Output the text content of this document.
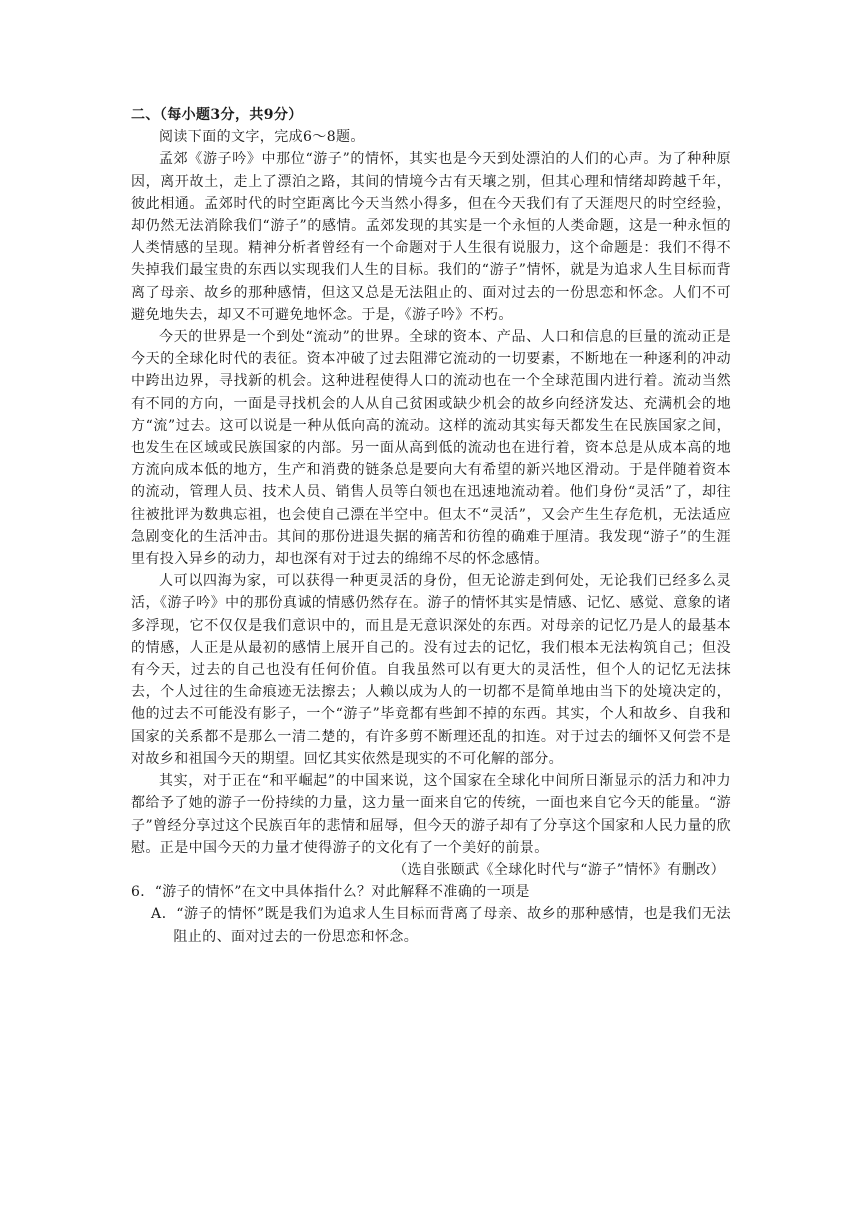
二、（每小题3分，共9分）

阅读下面的文字，完成6～8题。

孟郊《游子吟》中那位“游子”的情怀，其实也是今天到处漂泊的人们的心声。为了种种原因，离开故土，走上了漂泊之路，其间的情境今古有天壤之别，但其心理和情绪却跨越千年，彼此相通。孟郊时代的时空距离比今天当然小得多，但在今天我们有了天涯咫尺的时空经验，却仍然无法消除我们“游子”的感情。孟郊发现的其实是一个永恒的人类命题，这是一种永恒的人类情感的呈现。精神分析者曾经有一个命题对于人生很有说服力，这个命题是：我们不得不失掉我们最宝贵的东西以实现我们人生的目标。我们的“游子”情怀，就是为追求人生目标而背离了母亲、故乡的那种感情，但这又总是无法阻止的、面对过去的一份思恋和怀念。人们不可避免地失去，却又不可避免地怀念。于是，《游子吟》不朽。

今天的世界是一个到处“流动”的世界。全球的资本、产品、人口和信息的巨量的流动正是今天的全球化时代的表征。资本冲破了过去阻滞它流动的一切要素，不断地在一种逐利的冲动中跨出边界，寻找新的机会。这种进程使得人口的流动也在一个全球范围内进行着。流动当然有不同的方向，一面是寻找机会的人从自己贫困或缺少机会的故乡向经济发达、充满机会的地方“流”过去。这可以说是一种从低向高的流动。这样的流动其实每天都发生在民族国家之间，也发生在区域或民族国家的内部。另一面从高到低的流动也在进行着，资本总是从成本高的地方流向成本低的地方，生产和消费的链条总是要向大有希望的新兴地区滑动。于是伴随着资本的流动，管理人员、技术人员、销售人员等白领也在迅速地流动着。他们身份“灵活”了，却往往被批评为数典忘祖，也会使自己漂在半空中。但太不“灵活”，又会产生生存危机，无法适应急剧变化的生活冲击。其间的那份进退失据的痛苦和彷徨的确难于厘清。我发现“游子”的生涯里有投入异乡的动力，却也深有对于过去的绵绵不尽的怀念感情。

人可以四海为家，可以获得一种更灵活的身份，但无论游走到何处，无论我们已经多么灵活，《游子吟》中的那份真诚的情感仍然存在。游子的情怀其实是情感、记忆、感觉、意象的诸多浮现，它不仅仅是我们意识中的，而且是无意识深处的东西。对母亲的记忆乃是人的最基本的情感，人正是从最初的感情上展开自己的。没有过去的记忆，我们根本无法构筑自己；但没有今天，过去的自己也没有任何价值。自我虽然可以有更大的灵活性，但个人的记忆无法抹去，个人过往的生命痕迹无法擦去；人赖以成为人的一切都不是简单地由当下的处境决定的，他的过去不可能没有影子，一个“游子”毕竟都有些卸不掉的东西。其实，个人和故乡、自我和国家的关系都不是那么一清二楚的，有许多剪不断理还乱的扣连。对于过去的缅怀又何尝不是对故乡和祖国今天的期望。回忆其实依然是现实的不可化解的部分。

其实，对于正在“和平崛起”的中国来说，这个国家在全球化中间所日渐显示的活力和冲力都给予了她的游子一份持续的力量，这力量一面来自它的传统，一面也来自它今天的能量。“游子”曾经分享过这个民族百年的悲情和屈辱，但今天的游子却有了分享这个国家和人民力量的欣慰。正是中国今天的力量才使得游子的文化有了一个美好的前景。

（选自张颐武《全球化时代与“游子”情怀》有删改）

6．“游子的情怀”在文中具体指什么？对此解释不准确的一项是

A．“游子的情怀”既是我们为追求人生目标而背离了母亲、故乡的那种感情，也是我们无法阻止的、面对过去的一份思恋和怀念。
